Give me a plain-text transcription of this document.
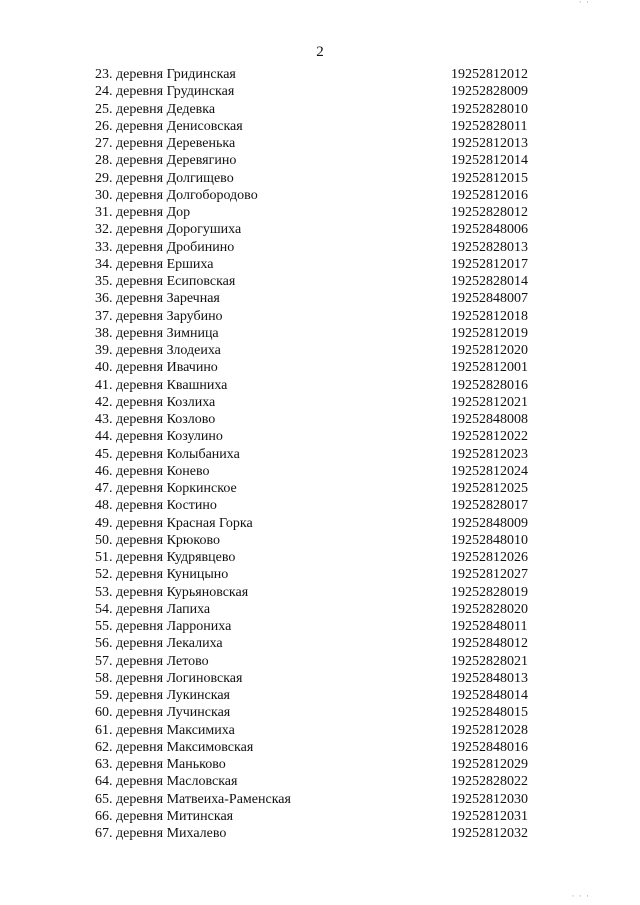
· ·
2
23. деревня Гридинская	19252812012
24. деревня Грудинская	19252828009
25. деревня Дедевка	19252828010
26. деревня Денисовская	19252828011
27. деревня Деревенька	19252812013
28. деревня Деревягино	19252812014
29. деревня Долгищево	19252812015
30. деревня Долгобородово	19252812016
31. деревня Дор	19252828012
32. деревня Дорогушиха	19252848006
33. деревня Дробинино	19252828013
34. деревня Ершиха	19252812017
35. деревня Есиповская	19252828014
36. деревня Заречная	19252848007
37. деревня Зарубино	19252812018
38. деревня Зимница	19252812019
39. деревня Злодеиха	19252812020
40. деревня Ивачино	19252812001
41. деревня Квашниха	19252828016
42. деревня Козлиха	19252812021
43. деревня Козлово	19252848008
44. деревня Козулино	19252812022
45. деревня Колыбаниха	19252812023
46. деревня Конево	19252812024
47. деревня Коркинское	19252812025
48. деревня Костино	19252828017
49. деревня Красная Горка	19252848009
50. деревня Крюково	19252848010
51. деревня Кудрявцево	19252812026
52. деревня Куницыно	19252812027
53. деревня Курьяновская	19252828019
54. деревня Лапиха	19252828020
55. деревня Ларрониха	19252848011
56. деревня Лекалиха	19252848012
57. деревня Летово	19252828021
58. деревня Логиновская	19252848013
59. деревня Лукинская	19252848014
60. деревня Лучинская	19252848015
61. деревня Максимиха	19252812028
62. деревня Максимовская	19252848016
63. деревня Маньково	19252812029
64. деревня Масловская	19252828022
65. деревня Матвеиха-Раменская	19252812030
66. деревня Митинская	19252812031
67. деревня Михалево	19252812032
· · ·
